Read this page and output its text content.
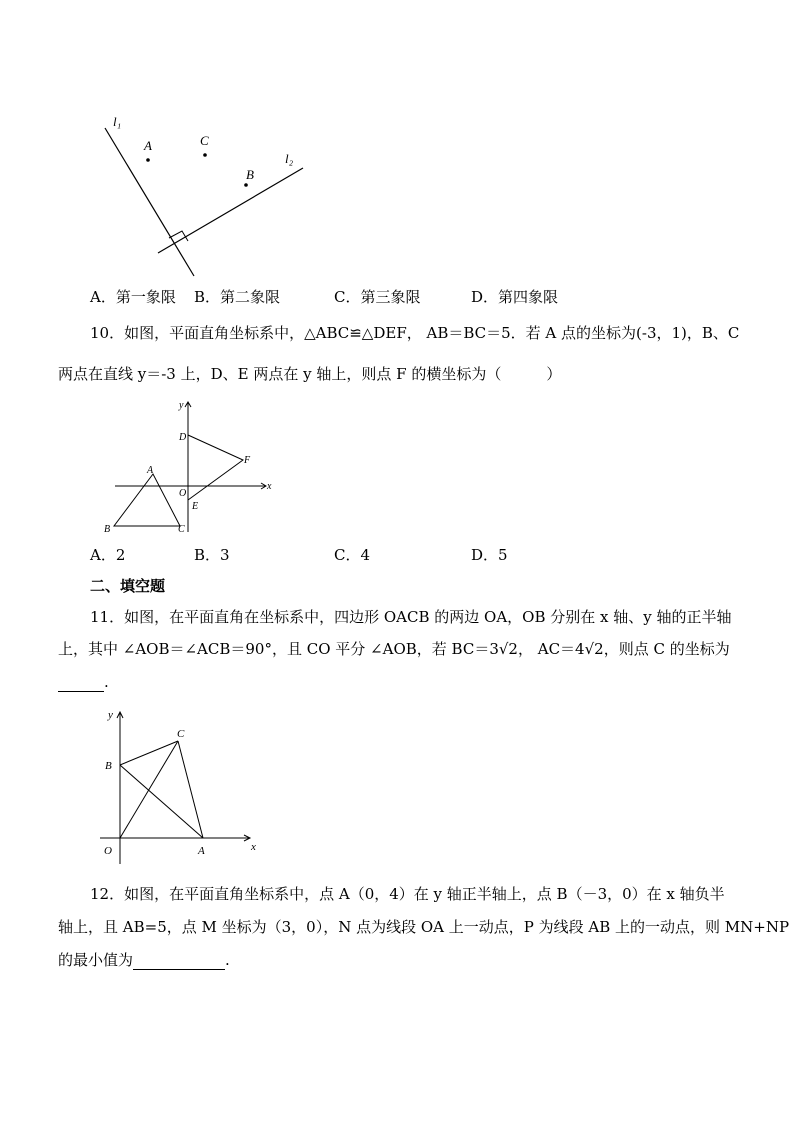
l₁
l₂
A	C
B
A．第一象限 B．第二象限	C．第三象限	D．第四象限
10．如图，平面直角坐标系中，△ABC≌△DEF， AB＝BC＝5．若 A 点的坐标为(-3，1)，B、C
两点在直线 y＝-3 上，D、E 两点在 y 轴上，则点 F 的横坐标为（　　　）
y
x
D
F
A
O
E
B	C
A．2	B．3	C．4	D．5
二、填空题
11．如图，在平面直角在坐标系中，四边形 OACB 的两边 OA，OB 分别在 x 轴、y 轴的正半轴
上，其中 ∠AOB＝∠ACB＝90°，且 CO 平分 ∠AOB，若 BC＝3√2， AC＝4√2，则点 C 的坐标为
.
y
x
B
C
O	A
12．如图，在平面直角坐标系中，点 A（0，4）在 y 轴正半轴上，点 B（－3，0）在 x 轴负半
轴上，且 AB=5，点 M 坐标为（3，0），N 点为线段 OA 上一动点，P 为线段 AB 上的一动点，则 MN+NP
的最小值为	.
